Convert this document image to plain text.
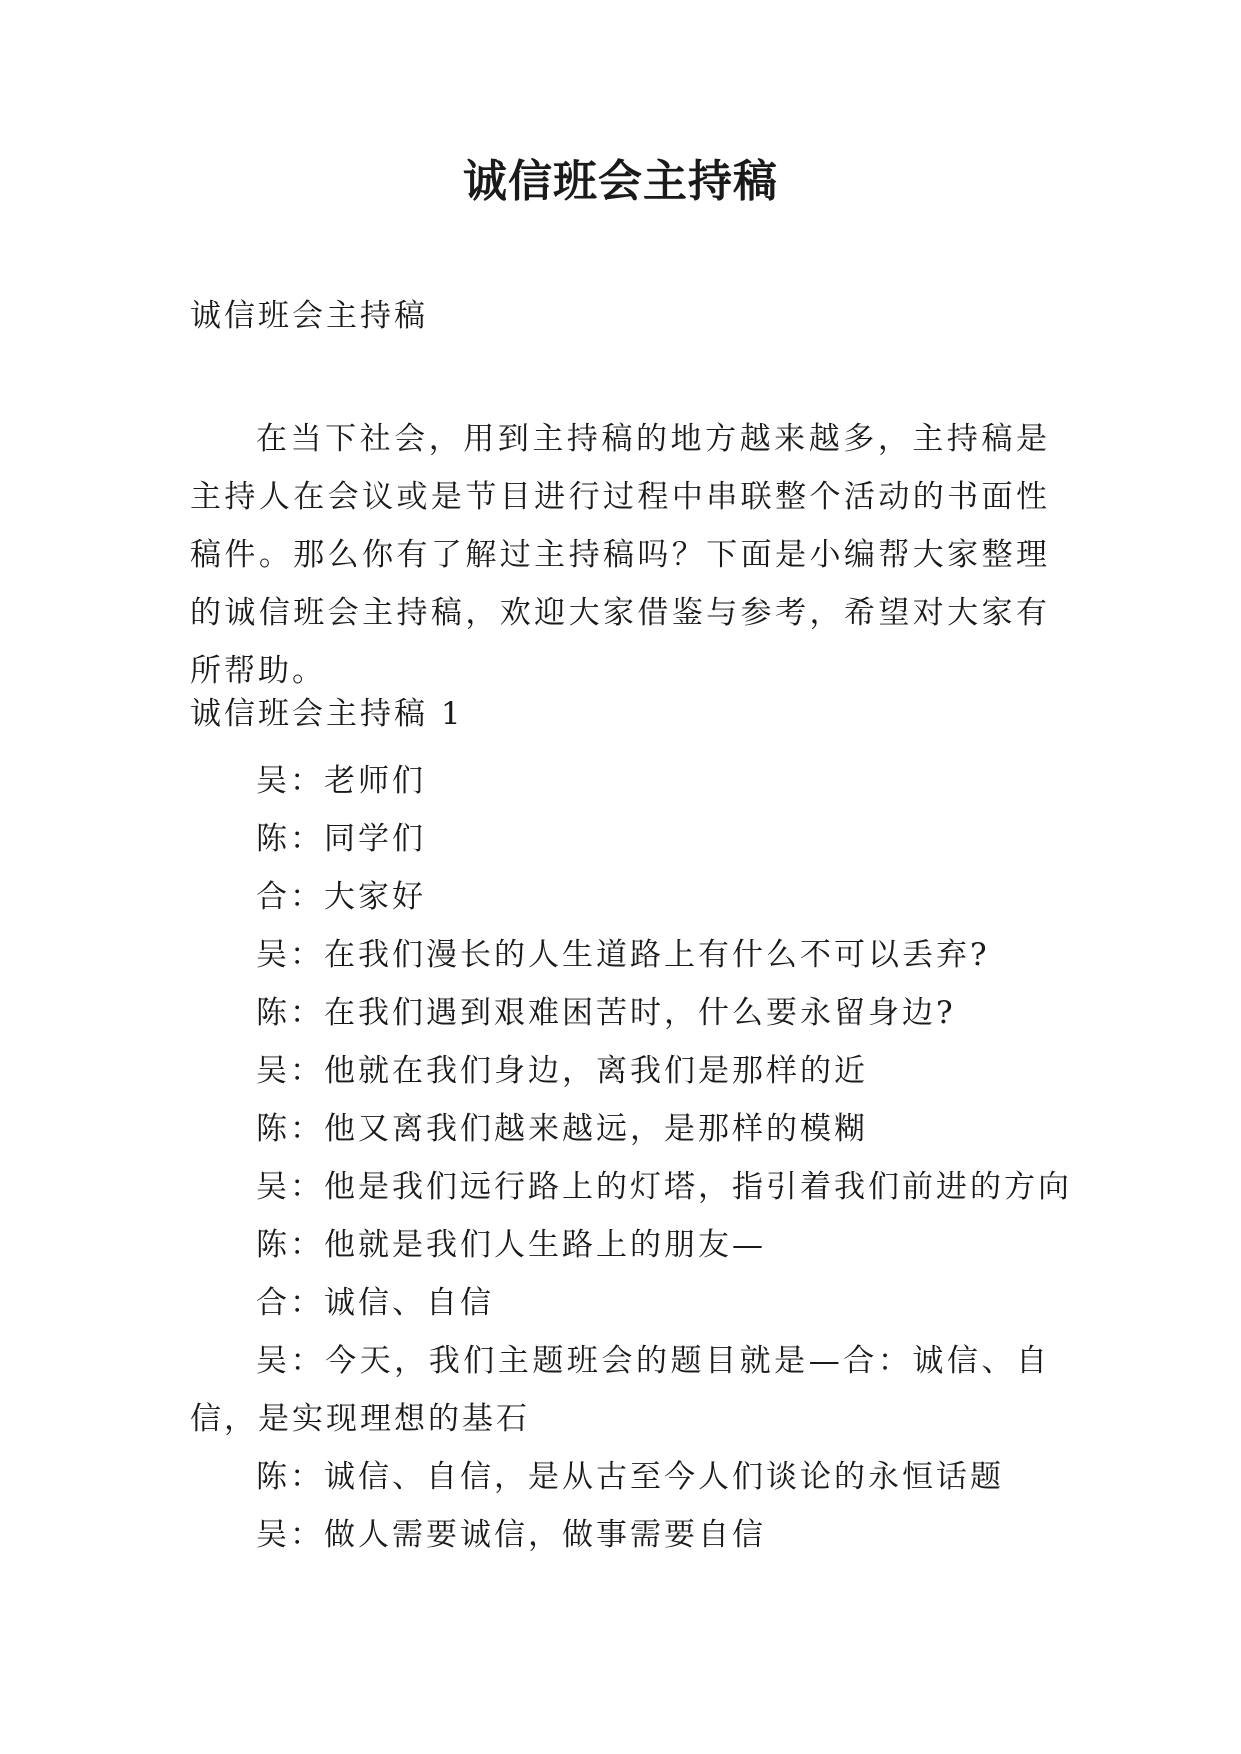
诚信班会主持稿
诚信班会主持稿
在当下社会，用到主持稿的地方越来越多，主持稿是主持人在会议或是节目进行过程中串联整个活动的书面性稿件。那么你有了解过主持稿吗？下面是小编帮大家整理的诚信班会主持稿，欢迎大家借鉴与参考，希望对大家有所帮助。
诚信班会主持稿 1

吴：老师们

陈：同学们

合：大家好

吴：在我们漫长的人生道路上有什么不可以丢弃?

陈：在我们遇到艰难困苦时，什么要永留身边?

吴：他就在我们身边，离我们是那样的近

陈：他又离我们越来越远，是那样的模糊

吴：他是我们远行路上的灯塔，指引着我们前进的方向

陈：他就是我们人生路上的朋友—

合：诚信、自信

吴：今天，我们主题班会的题目就是—合：诚信、自信，是实现理想的基石

陈：诚信、自信，是从古至今人们谈论的永恒话题

吴：做人需要诚信，做事需要自信
